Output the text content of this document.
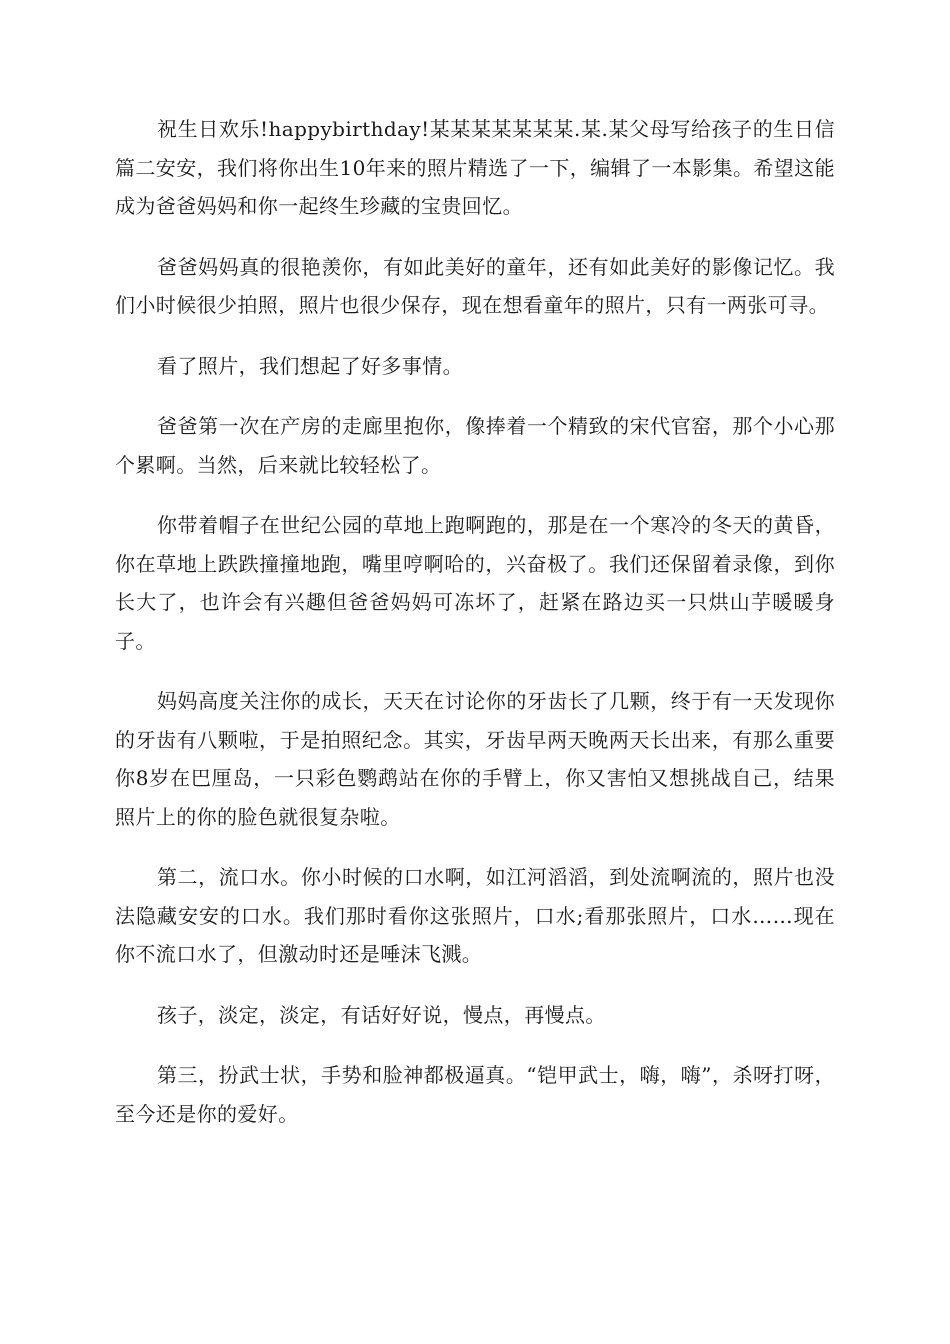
祝生日欢乐!happybirthday!某某某某某某某.某.某父母写给孩子的生日信篇二安安，我们将你出生10年来的照片精选了一下，编辑了一本影集。希望这能成为爸爸妈妈和你一起终生珍藏的宝贵回忆。

爸爸妈妈真的很艳羡你，有如此美好的童年，还有如此美好的影像记忆。我们小时候很少拍照，照片也很少保存，现在想看童年的照片，只有一两张可寻。

看了照片，我们想起了好多事情。

爸爸第一次在产房的走廊里抱你，像捧着一个精致的宋代官窑，那个小心那个累啊。当然，后来就比较轻松了。

你带着帽子在世纪公园的草地上跑啊跑的，那是在一个寒冷的冬天的黄昏，你在草地上跌跌撞撞地跑，嘴里哼啊哈的，兴奋极了。我们还保留着录像，到你长大了，也许会有兴趣但爸爸妈妈可冻坏了，赶紧在路边买一只烘山芋暖暖身子。

妈妈高度关注你的成长，天天在讨论你的牙齿长了几颗，终于有一天发现你的牙齿有八颗啦，于是拍照纪念。其实，牙齿早两天晚两天长出来，有那么重要你8岁在巴厘岛，一只彩色鹦鹉站在你的手臂上，你又害怕又想挑战自己，结果照片上的你的脸色就很复杂啦。

第二，流口水。你小时候的口水啊，如江河滔滔，到处流啊流的，照片也没法隐藏安安的口水。我们那时看你这张照片，口水;看那张照片，口水……现在你不流口水了，但激动时还是唾沫飞溅。

孩子，淡定，淡定，有话好好说，慢点，再慢点。

第三，扮武士状，手势和脸神都极逼真。“铠甲武士，嗨，嗨”，杀呀打呀，至今还是你的爱好。
